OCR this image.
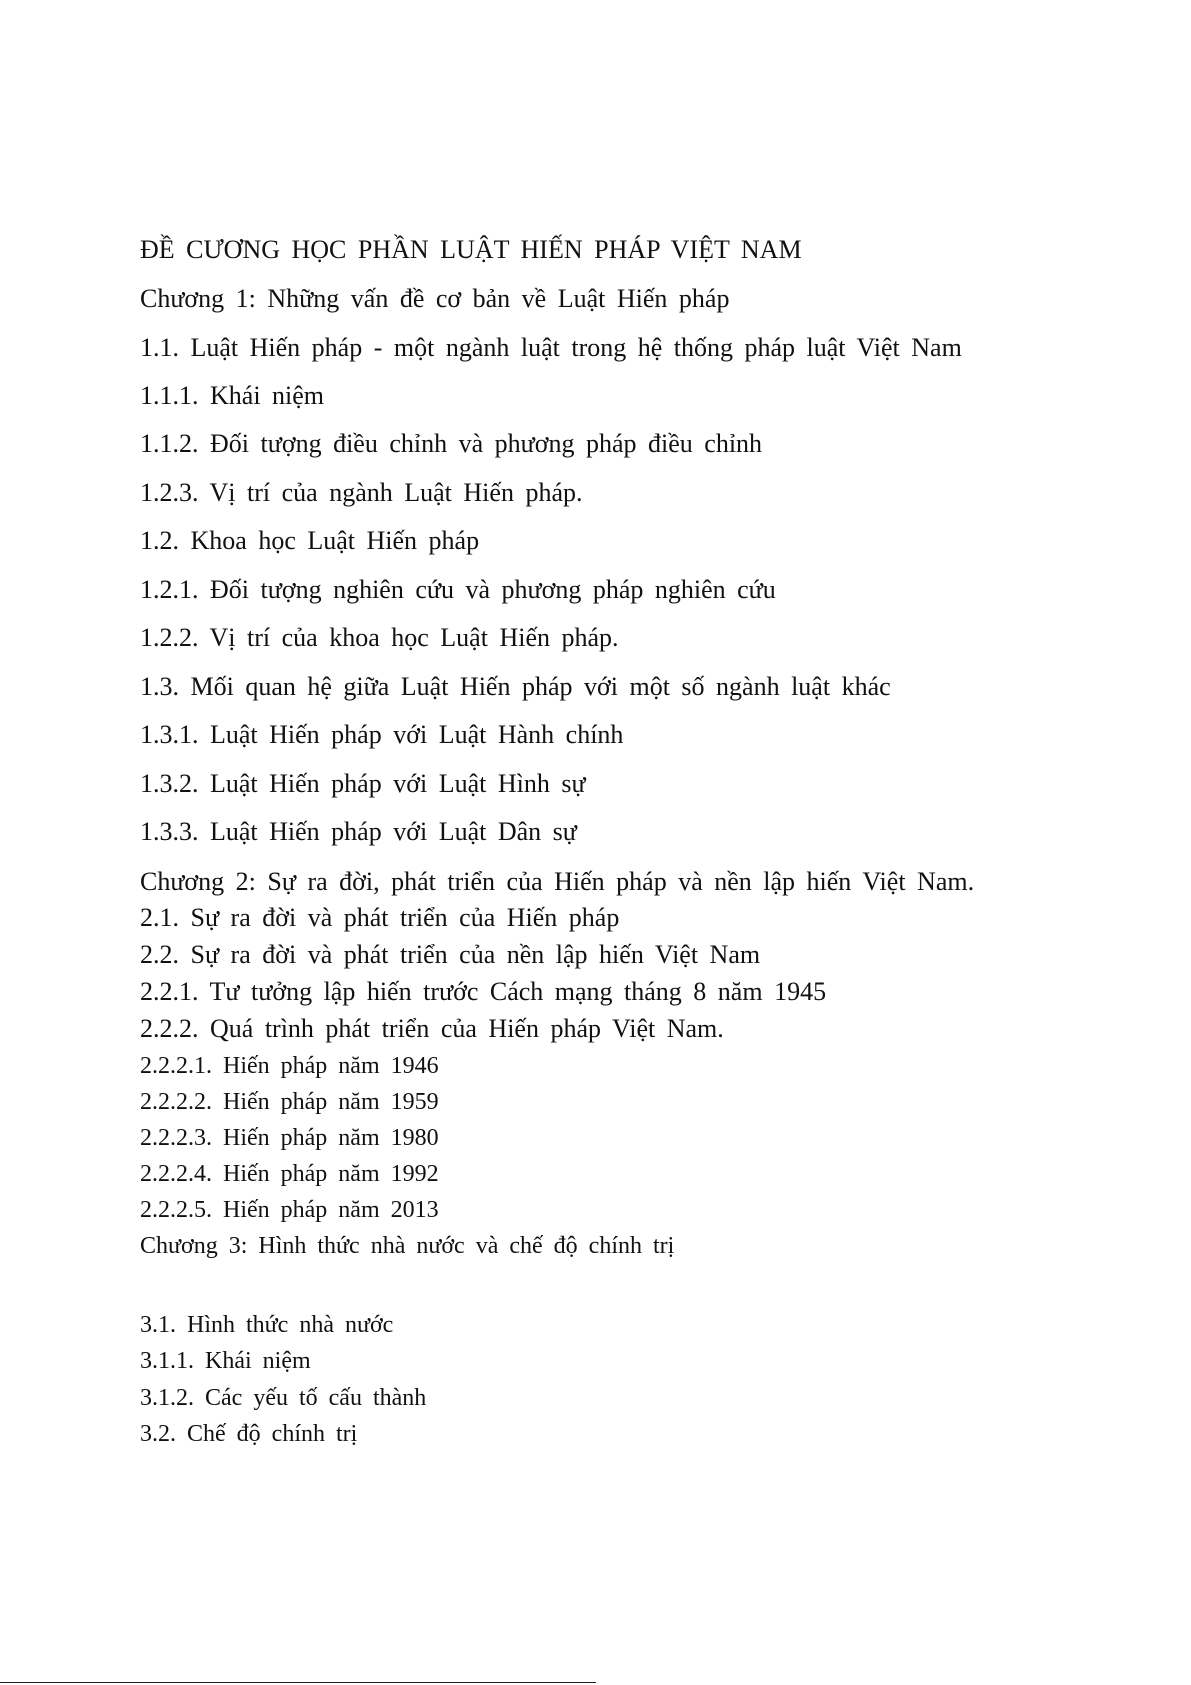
ĐỀ CƯƠNG HỌC PHẦN LUẬT HIẾN PHÁP VIỆT NAM

Chương 1: Những vấn đề cơ bản về Luật Hiến pháp

1.1. Luật Hiến pháp - một ngành luật trong hệ thống pháp luật Việt Nam

1.1.1. Khái niệm

1.1.2. Đối tượng điều chỉnh và phương pháp điều chỉnh

1.2.3. Vị trí của ngành Luật Hiến pháp.

1.2. Khoa học Luật Hiến pháp

1.2.1. Đối tượng nghiên cứu và phương pháp nghiên cứu

1.2.2. Vị trí của khoa học Luật Hiến pháp.

1.3. Mối quan hệ giữa Luật Hiến pháp với một số ngành luật khác

1.3.1. Luật Hiến pháp với Luật Hành chính

1.3.2. Luật Hiến pháp với Luật Hình sự

1.3.3. Luật Hiến pháp với Luật Dân sự

Chương 2: Sự ra đời, phát triển của Hiến pháp và nền lập hiến Việt Nam.

2.1. Sự ra đời và phát triển của Hiến pháp

2.2. Sự ra đời và phát triển của nền lập hiến Việt Nam

2.2.1. Tư tưởng lập hiến trước Cách mạng tháng 8 năm 1945

2.2.2. Quá trình phát triển của Hiến pháp Việt Nam.

2.2.2.1. Hiến pháp năm 1946

2.2.2.2. Hiến pháp năm 1959

2.2.2.3. Hiến pháp năm 1980

2.2.2.4. Hiến pháp năm 1992

2.2.2.5. Hiến pháp năm 2013

Chương 3: Hình thức nhà nước và chế độ chính trị

3.1. Hình thức nhà nước

3.1.1. Khái niệm

3.1.2. Các yếu tố cấu thành

3.2. Chế độ chính trị
